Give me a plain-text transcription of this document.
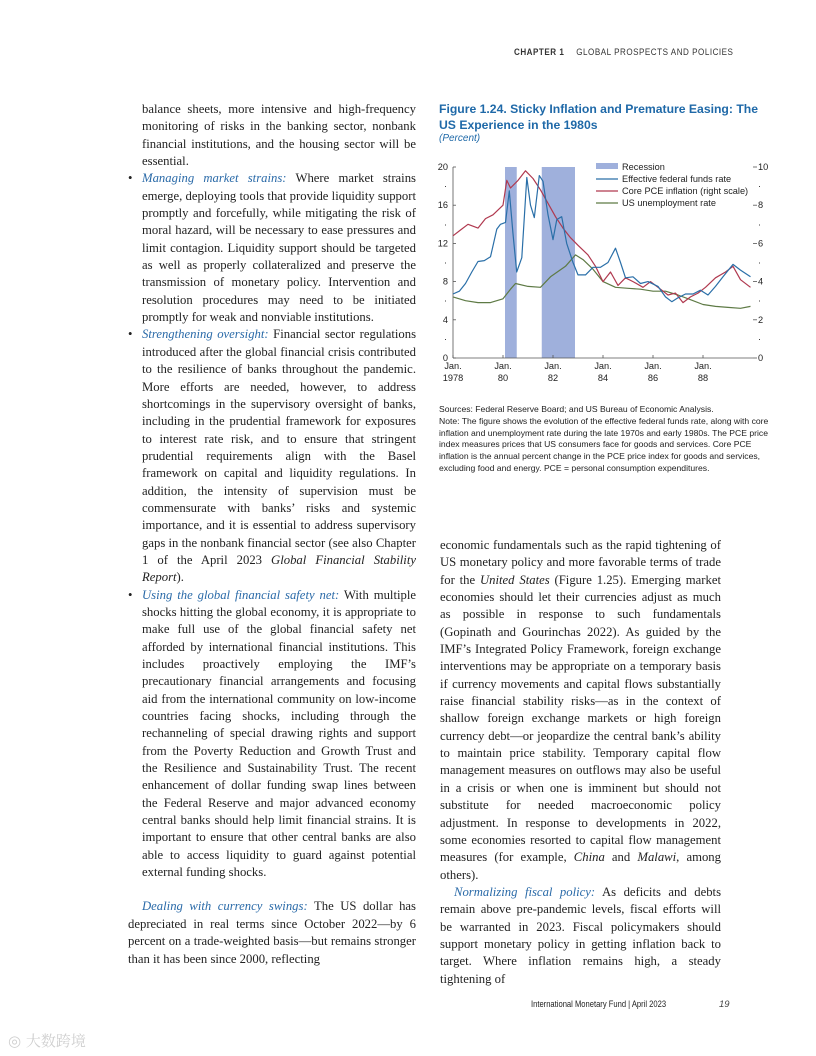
CHAPTER 1 GLOBAL PROSPECTS AND POLICIES

balance sheets, more intensive and high-frequency monitoring of risks in the banking sector, nonbank financial institutions, and the housing sector will be essential.

• Managing market strains: Where market strains emerge, deploying tools that provide liquidity support promptly and forcefully, while mitigating the risk of moral hazard, will be necessary to ease pressures and limit contagion. Liquidity support should be targeted as well as properly collateralized and preserve the transmission of monetary policy. Intervention and resolution procedures may need to be initiated promptly for weak and nonviable institutions.

• Strengthening oversight: Financial sector regulations introduced after the global financial crisis contributed to the resilience of banks throughout the pandemic. More efforts are needed, however, to address shortcomings in the supervisory oversight of banks, including in the prudential framework for exposures to interest rate risk, and to ensure that stringent prudential requirements align with the Basel framework on capital and liquidity regulations. In addition, the intensity of supervision must be commensurate with banks’ risks and systemic importance, and it is essential to address supervisory gaps in the nonbank financial sector (see also Chapter 1 of the April 2023 Global Financial Stability Report).

• Using the global financial safety net: With multiple shocks hitting the global economy, it is appropriate to make full use of the global financial safety net afforded by international financial institutions. This includes proactively employing the IMF’s precautionary financial arrangements and focusing aid from the international community on low-income countries facing shocks, including through the rechanneling of special drawing rights and support from the Poverty Reduction and Growth Trust and the Resilience and Sustainability Trust. The recent enhancement of dollar funding swap lines between the Federal Reserve and major advanced economy central banks should help limit financial strains. It is important to ensure that other central banks are also able to access liquidity to guard against potential external funding shocks.

Dealing with currency swings: The US dollar has depreciated in real terms since October 2022—by 6 percent on a trade-weighted basis—but remains stronger than it has been since 2000, reflecting

economic fundamentals such as the rapid tightening of US monetary policy and more favorable terms of trade for the United States (Figure 1.25). Emerging market economies should let their currencies adjust as much as possible in response to such fundamentals (Gopinath and Gourinchas 2022). As guided by the IMF’s Integrated Policy Framework, foreign exchange interventions may be appropriate on a temporary basis if currency movements and capital flows substantially raise financial stability risks—as in the context of shallow foreign exchange markets or high foreign currency debt—or jeopardize the central bank’s ability to maintain price stability. Temporary capital flow management measures on outflows may also be useful in a crisis or when one is imminent but should not substitute for needed macroeconomic policy adjustment. In response to developments in 2022, some economies resorted to capital flow management measures (for example, China and Malawi, among others).

Normalizing fiscal policy: As deficits and debts remain above pre-pandemic levels, fiscal efforts will be warranted in 2023. Fiscal policymakers should support monetary policy in getting inflation back to target. Where inflation remains high, a steady tightening of

Figure 1.24. Sticky Inflation and Premature Easing: The US Experience in the 1980s
(Percent)
0
·
4
·
8
·
12
·
16
·
20
0
·
2
·
4
·
6
·
8
·
10
Jan.
1978
Jan.
80
Jan.
82
Jan.
84
Jan.
86
Jan.
88
Recession
Effective federal funds rate
Core PCE inflation (right scale)
US unemployment rate

Sources: Federal Reserve Board; and US Bureau of Economic Analysis.

Note: The figure shows the evolution of the effective federal funds rate, along with core inflation and unemployment rate during the late 1970s and early 1980s. The PCE price index measures prices that US consumers face for goods and services. Core PCE inflation is the annual percent change in the PCE price index for goods and services, excluding food and energy. PCE = personal consumption expenditures.

International Monetary Fund | April 2023	19
◎ 大数跨境
